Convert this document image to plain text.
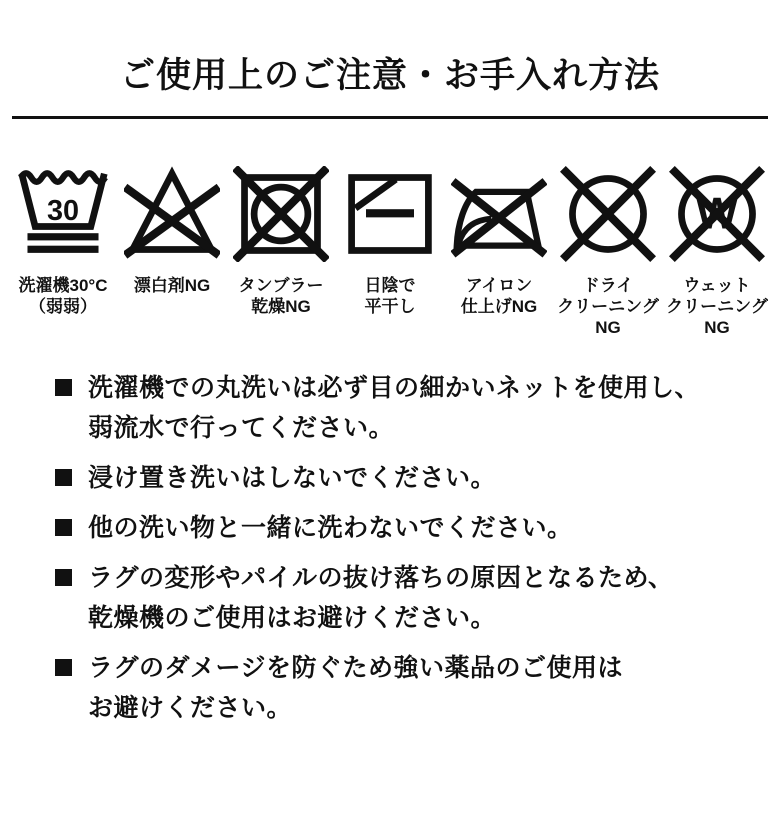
ご使用上のご注意・お手入れ方法
30
洗濯機30°C
（弱弱）
漂白剤NG タンブラー
乾燥NG
日陰で
平干し
アイロン
仕上げNG
ドライ
クリーニング
NG
W
ウェット
クリーニング
NG
洗濯機での丸洗いは必ず目の細かいネットを使用し、
弱流水で行ってください。
浸け置き洗いはしないでください。
他の洗い物と一緒に洗わないでください。
ラグの変形やパイルの抜け落ちの原因となるため、
乾燥機のご使用はお避けください。
ラグのダメージを防ぐため強い薬品のご使用は
お避けください。
